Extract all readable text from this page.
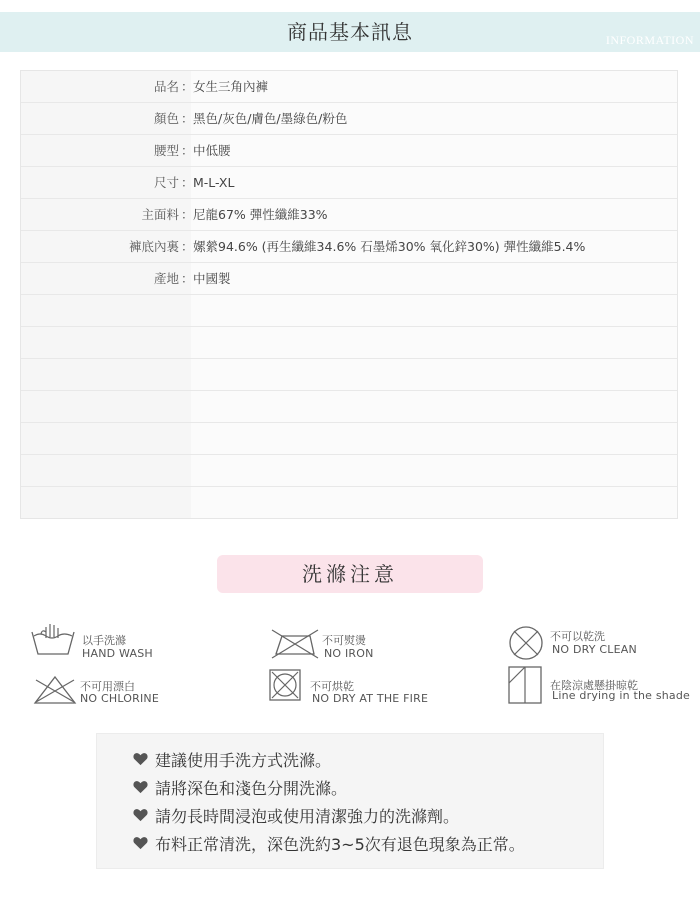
商品基本訊息	INFORMATION
品名 ： 女生三角內褲
顏色 ： 黑色/灰色/膚色/墨綠色/粉色
腰型 ： 中低腰
尺寸 ： M-L-XL
主面料 ： 尼龍67% 彈性纖維33%
褲底內裏 ： 嫘縈94.6% (再生纖維34.6% 石墨烯30% 氧化鋅30%) 彈性纖維5.4%
產地 ： 中國製
洗滌注意
以手洗滌
HAND WASH
不可熨燙
NO IRON
不可以乾洗
NO DRY CLEAN
不可用漂白
NO CHLORINE
不可烘乾
NO DRY AT THE FIRE
在陰涼處懸掛晾乾
Line drying in the shade
建議使用手洗方式洗滌。
請將深色和淺色分開洗滌。
請勿長時間浸泡或使用清潔強力的洗滌劑。
布料正常清洗，深色洗約3~5次有退色現象為正常。
